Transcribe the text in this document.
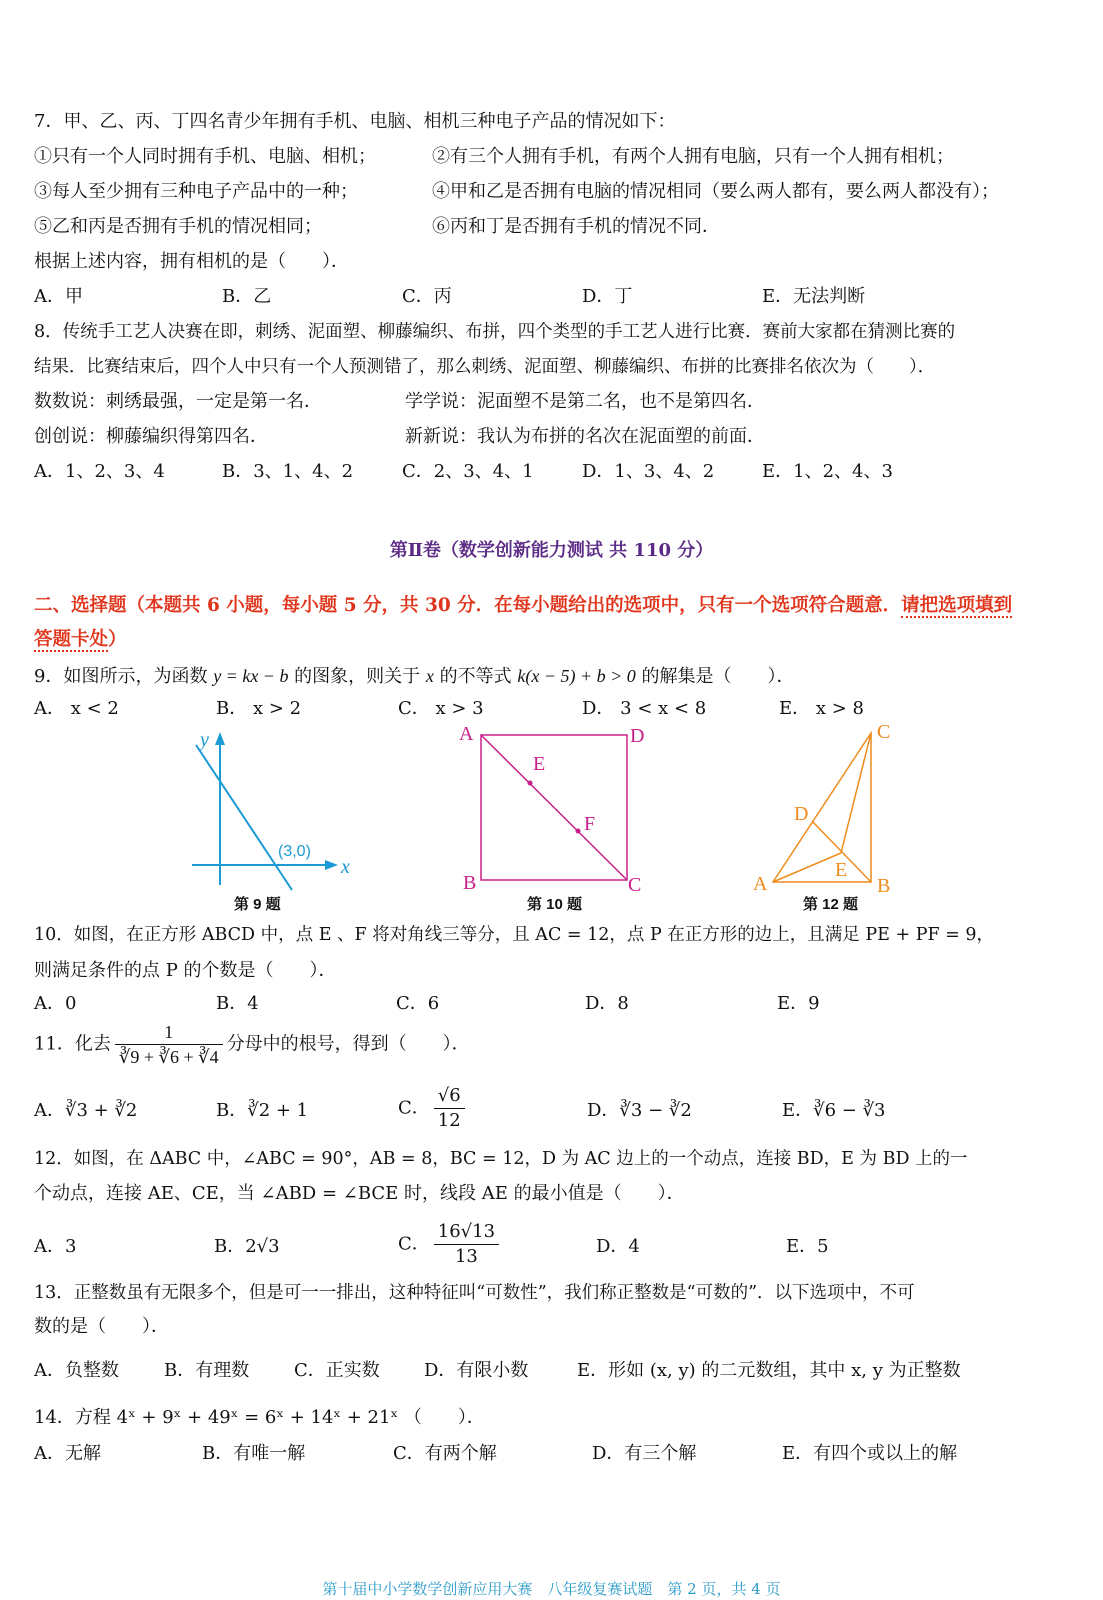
7．甲、乙、丙、丁四名青少年拥有手机、电脑、相机三种电子产品的情况如下：
①只有一个人同时拥有手机、电脑、相机；	②有三个人拥有手机，有两个人拥有电脑，只有一个人拥有相机；
③每人至少拥有三种电子产品中的一种；	④甲和乙是否拥有电脑的情况相同（要么两人都有，要么两人都没有）；
⑤乙和丙是否拥有手机的情况相同；	⑥丙和丁是否拥有手机的情况不同．
根据上述内容，拥有相机的是（　　）．
A．甲	B．乙	C．丙	D．丁	E．无法判断
8．传统手工艺人决赛在即，刺绣、泥面塑、柳藤编织、布拼，四个类型的手工艺人进行比赛．赛前大家都在猜测比赛的
结果．比赛结束后，四个人中只有一个人预测错了，那么刺绣、泥面塑、柳藤编织、布拼的比赛排名依次为（　　）．
数数说：刺绣最强，一定是第一名．	学学说：泥面塑不是第二名，也不是第四名．
创创说：柳藤编织得第四名．	新新说：我认为布拼的名次在泥面塑的前面．
A．1、2、3、4	B．3、1、4、2	C．2、3、4、1	D．1、3、4、2	E．1、2、4、3
第Ⅱ卷（数学创新能力测试 共 110 分）
二、选择题（本题共 6 小题，每小题 5 分，共 30 分．在每小题给出的选项中，只有一个选项符合题意．请把选项填到
答题卡处）
9．如图所示，为函数 y = kx − b 的图象，则关于 x 的不等式 k(x − 5) + b > 0 的解集是（　　）．
A． x < 2	B． x > 2	C． x > 3	D． 3 < x < 8	E． x > 8
y
x
(3,0)
A	D
B	C
E
F
A	B
C
D
E
第 9 题	第 10 题	第 12 题
10．如图，在正方形 ABCD 中，点 E 、F 将对角线三等分，且 AC = 12，点 P 在正方形的边上，且满足 PE + PF = 9，
则满足条件的点 P 的个数是（　　）．
A．0	B．4	C．6	D．8	E．9
11．化去 $\frac{1}{∛9 + ∛6 + ∛4}$ 分母中的根号，得到（　　）．
A．∛3 + ∛2	B．∛2 + 1	C． $\frac{√6}{12}$	D．∛3 − ∛2	E．∛6 − ∛3
12．如图，在 ΔABC 中，∠ABC = 90°，AB = 8，BC = 12，D 为 AC 边上的一个动点，连接 BD，E 为 BD 上的一
个动点，连接 AE、CE，当 ∠ABD = ∠BCE 时，线段 AE 的最小值是（　　）．
A．3	B．2√3	C． $\frac{16√13}{13}$	D．4	E．5
13．正整数虽有无限多个，但是可一一排出，这种特征叫“可数性”，我们称正整数是“可数的”．以下选项中，不可
数的是（　　）．
A．负整数	B．有理数 C．正实数 D．有限小数	E．形如 (x, y) 的二元数组，其中 x, y 为正整数
14．方程 4ˣ + 9ˣ + 49ˣ = 6ˣ + 14ˣ + 21ˣ （　　）．
A．无解	B．有唯一解	C．有两个解	D．有三个解	E．有四个或以上的解
第十届中小学数学创新应用大赛　八年级复赛试题　第 2 页，共 4 页
